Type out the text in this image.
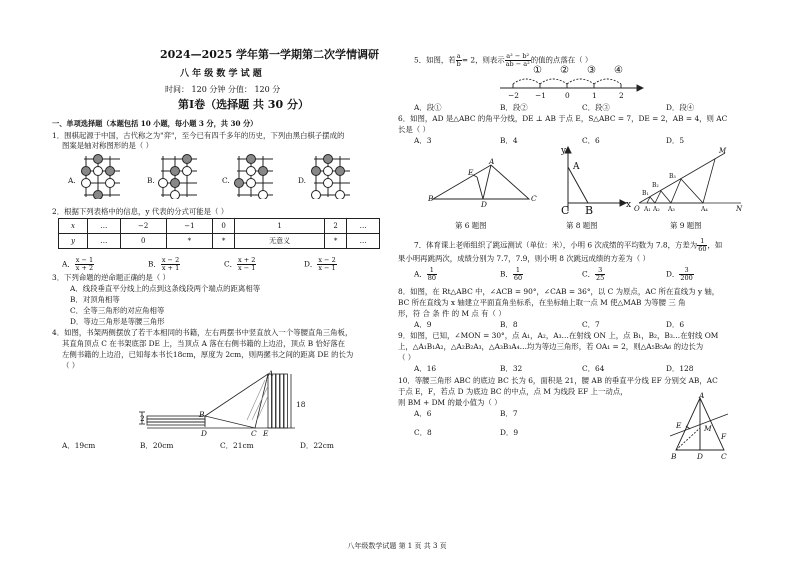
2024—2025 学年第一学期第二次学情调研
八 年 级 数 学 试 题
时间： 120 分钟 分值： 120 分
第Ⅰ卷（选择题 共 30 分）
一、单项选择题（本题包括 10 小题，每小题 3 分，共 30 分）
1．围棋起源于中国，古代称之为"弈"，至今已有四千多年的历史，下列由黑白棋子摆成的
图案是轴对称图形的是（ ）
A.	B.	C.	D.
2．根据下列表格中的信息，y 代表的分式可能是（ ）
x	…	−2	−1	0	1	2	…
y	…	0	*	*	无意义	*	…
A． $\frac{x - 1}{x + 2}$	B． $\frac{x - 2}{x + 1}$	C． $\frac{x + 2}{x - 1}$	D． $\frac{x - 2}{x - 1}$
3．下列命题的逆命题正确的是（ ）
A．线段垂直平分线上的点到这条线段两个端点的距离相等
B．对顶角相等
C．全等三角形的对应角相等
D．等边三角形是等腰三角形
4．如图，书架两侧摆放了若干本相同的书籍，左右两摆书中竖直放入一个等腰直角三角板，
其直角顶点 C 在书架底部 DE 上，当顶点 A 落在右侧书籍的上边沿，顶点 B 恰好落在
左侧书籍的上边沿，已知每本书长18cm，厚度为 2cm，则两摞书之间的距离 DE 的长为
（ ）
A
B
C
D	E
2
18
A．19cm	B．20cm	C．21cm	D．22cm
5．如图，若 $\frac{a}{b} = 2$，则表示 $\frac{\text{a² − b²}}{\text{ab − a²}}$ 的值的点落在（ ）
① ② ③ ④
−2 −1	0	1	2
A．段①	B．段②	C．段③	D．段④
6．如图，AD 是△ABC 的角平分线，DE ⊥ AB 于点 E，S△ABC = 7，DE = 2，AB = 4，则 AC
长是（ ）
A．3	B．4	C．6	D．5
B
A
C
D
E
第 6 题图
y
A
B
C	x
第 8 题图
M
O	N
A₁ A₂ A₃	A₄
B₁
B₂
B₃
第 9 题图
7．体育课上老师组织了跳远测试（单位：米），小明 6 次成绩的平均数为 7.8，方差为 $\frac{1}{60}$ ，如
果小明再跳两次，成绩分别为 7.7，7.9，则小明 8 次跳远成绩的方差为（ ）
A． $\frac{1}{80}$	B． $\frac{1}{60}$	C． $\frac{3}{25}$	D． $\frac{3}{200}$
8．如图，在 Rt△ABC 中，∠ACB = 90°，∠CAB = 36°，以 C 为原点，AC 所在直线为 y 轴，
BC 所在直线为 x 轴建立平面直角坐标系，在坐标轴上取一点 M 使△MAB 为等腰 三 角
形，符 合 条 件 的 M 点 有（ ）
A．9	B．8	C．7	D．6
9．如图，已知，∠MON = 30°，点 A₁，A₂，A₃…在射线 ON 上，点 B₁，B₂，B₃…在射线 OM
上，△A₁B₁A₂，△A₂B₂A₃，△A₃B₃A₄…均为等边三角形，若 OA₁ = 2，则△A₅B₅A₆ 的边长为
（ ）
A．16	B．32	C．64	D．128
10．等腰三角形 ABC 的底边 BC 长为 6，面积是 21，腰 AB 的垂直平分线 EF 分别交 AB，AC
于点 E，F，若点 D 为底边 BC 的中点，点 M 为线段 EF 上一动点，
则 BM + DM 的最小值为（ ）
A．6	B．7
C．8	D．9
A
B	C
D
E
F
M
八年级数学试题 第 1 页 共 3 页
